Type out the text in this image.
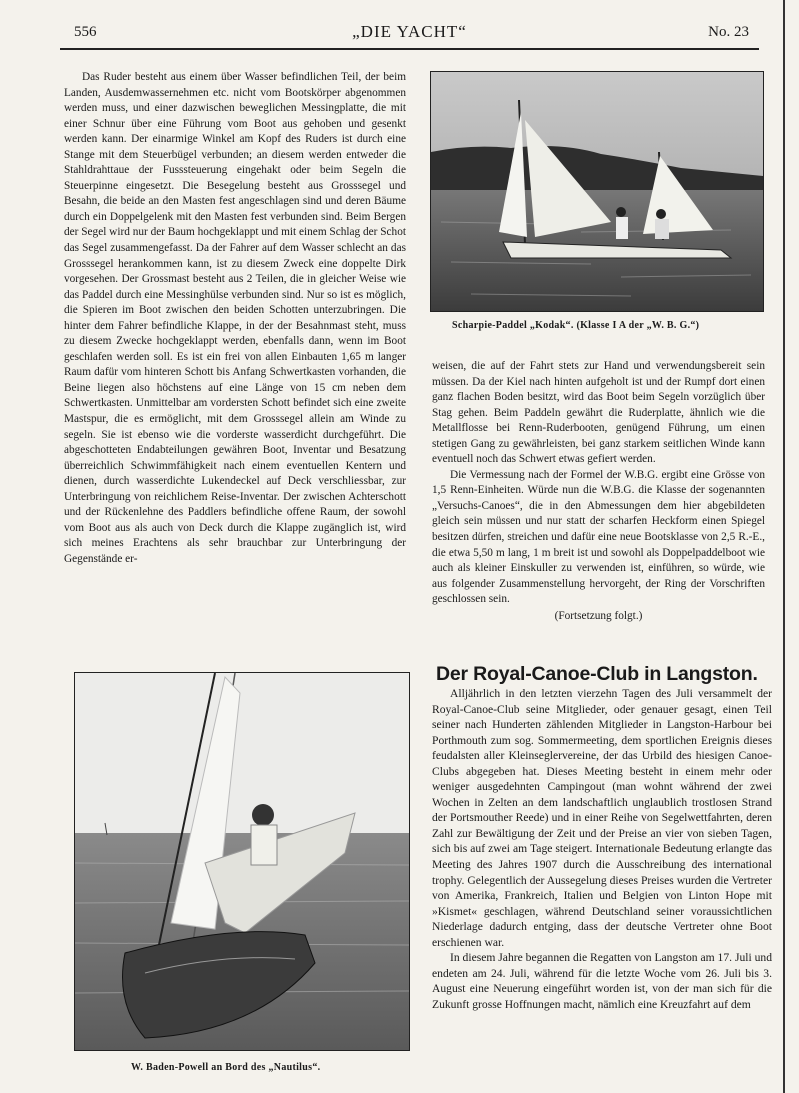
556	„DIE YACHT“	No. 23

Das Ruder besteht aus einem über Wasser befindlichen Teil, der beim Landen, Ausdemwassernehmen etc. nicht vom Bootskörper abgenommen werden muss, und einer dazwischen beweglichen Messingplatte, die mit einer Schnur über eine Führung vom Boot aus gehoben und gesenkt werden kann. Der einarmige Winkel am Kopf des Ruders ist durch eine Stange mit dem Steuerbügel verbunden; an diesem werden entweder die Stahldrahttaue der Fusssteuerung eingehakt oder beim Segeln die Steuerpinne eingesetzt. Die Besegelung besteht aus Grosssegel und Besahn, die beide an den Masten fest angeschlagen sind und deren Bäume durch ein Doppelgelenk mit den Masten fest verbunden sind. Beim Bergen der Segel wird nur der Baum hochgeklappt und mit einem Schlag der Schot das Segel zusammengefasst. Da der Fahrer auf dem Wasser schlecht an das Grosssegel herankommen kann, ist zu diesem Zweck eine doppelte Dirk vorgesehen. Der Grossmast besteht aus 2 Teilen, die in gleicher Weise wie das Paddel durch eine Messinghülse verbunden sind. Nur so ist es möglich, die Spieren im Boot zwischen den beiden Schotten unterzubringen. Die hinter dem Fahrer befindliche Klappe, in der der Besahnmast steht, muss zu diesem Zwecke hochgeklappt werden, ebenfalls dann, wenn im Boot geschlafen werden soll. Es ist ein frei von allen Einbauten 1,65 m langer Raum dafür vom hinteren Schott bis Anfang Schwertkasten vorhanden, die Beine liegen also höchstens auf eine Länge von 15 cm neben dem Schwertkasten. Unmittelbar am vordersten Schott befindet sich eine zweite Mastspur, die es ermöglicht, mit dem Grosssegel allein am Winde zu segeln. Sie ist ebenso wie die vorderste wasserdicht durchgeführt. Die abgeschotteten Endabteilungen gewähren Boot, Inventar und Besatzung überreichlich Schwimmfähigkeit nach einem eventuellen Kentern und dienen, durch wasserdichte Lukendeckel auf Deck verschliessbar, zur Unterbringung von reichlichem Reise-Inventar. Der zwischen Achterschott und der Rückenlehne des Paddlers befindliche offene Raum, der sowohl vom Boot aus als auch von Deck durch die Klappe zugänglich ist, wird sich meines Erachtens als sehr brauchbar zur Unterbringung der Gegenstände er-

Scharpie-Paddel „Kodak“. (Klasse I A der „W. B. G.“)

weisen, die auf der Fahrt stets zur Hand und verwendungsbereit sein müssen. Da der Kiel nach hinten aufgeholt ist und der Rumpf dort einen ganz flachen Boden besitzt, wird das Boot beim Segeln vorzüglich über Stag gehen. Beim Paddeln gewährt die Ruderplatte, ähnlich wie die Metallflosse bei Renn-Ruderbooten, genügend Führung, um einen stetigen Gang zu gewährleisten, bei ganz starkem seitlichen Winde kann eventuell noch das Schwert etwas gefiert werden.

Die Vermessung nach der Formel der W.B.G. ergibt eine Grösse von 1,5 Renn-Einheiten. Würde nun die W.B.G. die Klasse der sogenannten „Versuchs-Canoes“, die in den Abmessungen dem hier abgebildeten gleich sein müssen und nur statt der scharfen Heckform einen Spiegel besitzen dürfen, streichen und dafür eine neue Bootsklasse von 2,5 R.-E., die etwa 5,50 m lang, 1 m breit ist und sowohl als Doppelpaddelboot wie auch als kleiner Einskuller zu verwenden ist, einführen, so würde, wie aus folgender Zusammenstellung hervorgeht, der Ring der Vorschriften geschlossen sein.

(Fortsetzung folgt.)
Der Royal-Canoe-Club in Langston.

Alljährlich in den letzten vierzehn Tagen des Juli versammelt der Royal-Canoe-Club seine Mitglieder, oder genauer gesagt, einen Teil seiner nach Hunderten zählenden Mitglieder in Langston-Harbour bei Porthmouth zum sog. Sommermeeting, dem sportlichen Ereignis dieses feudalsten aller Kleinseglervereine, der das Urbild des hiesigen Canoe-Clubs abgegeben hat. Dieses Meeting besteht in einem mehr oder weniger ausgedehnten Campingout (man wohnt während der zwei Wochen in Zelten an dem landschaftlich unglaublich trostlosen Strand der Portsmouther Reede) und in einer Reihe von Segelwettfahrten, deren Zahl zur Bewältigung der Zeit und der Preise an vier von sieben Tagen, sich bis auf zwei am Tage steigert. Internationale Bedeutung erlangte das Meeting des Jahres 1907 durch die Ausschreibung des international trophy. Gelegentlich der Aussegelung dieses Preises wurden die Vertreter von Amerika, Frankreich, Italien und Belgien von Linton Hope mit »Kismet« geschlagen, während Deutschland seiner voraussichtlichen Niederlage dadurch entging, dass der deutsche Vertreter ohne Boot erschienen war.

In diesem Jahre begannen die Regatten von Langston am 17. Juli und endeten am 24. Juli, während für die letzte Woche vom 26. Juli bis 3. August eine Neuerung eingeführt worden ist, von der man sich für die Zukunft grosse Hoffnungen macht, nämlich eine Kreuzfahrt auf dem

W. Baden-Powell an Bord des „Nautilus“.
